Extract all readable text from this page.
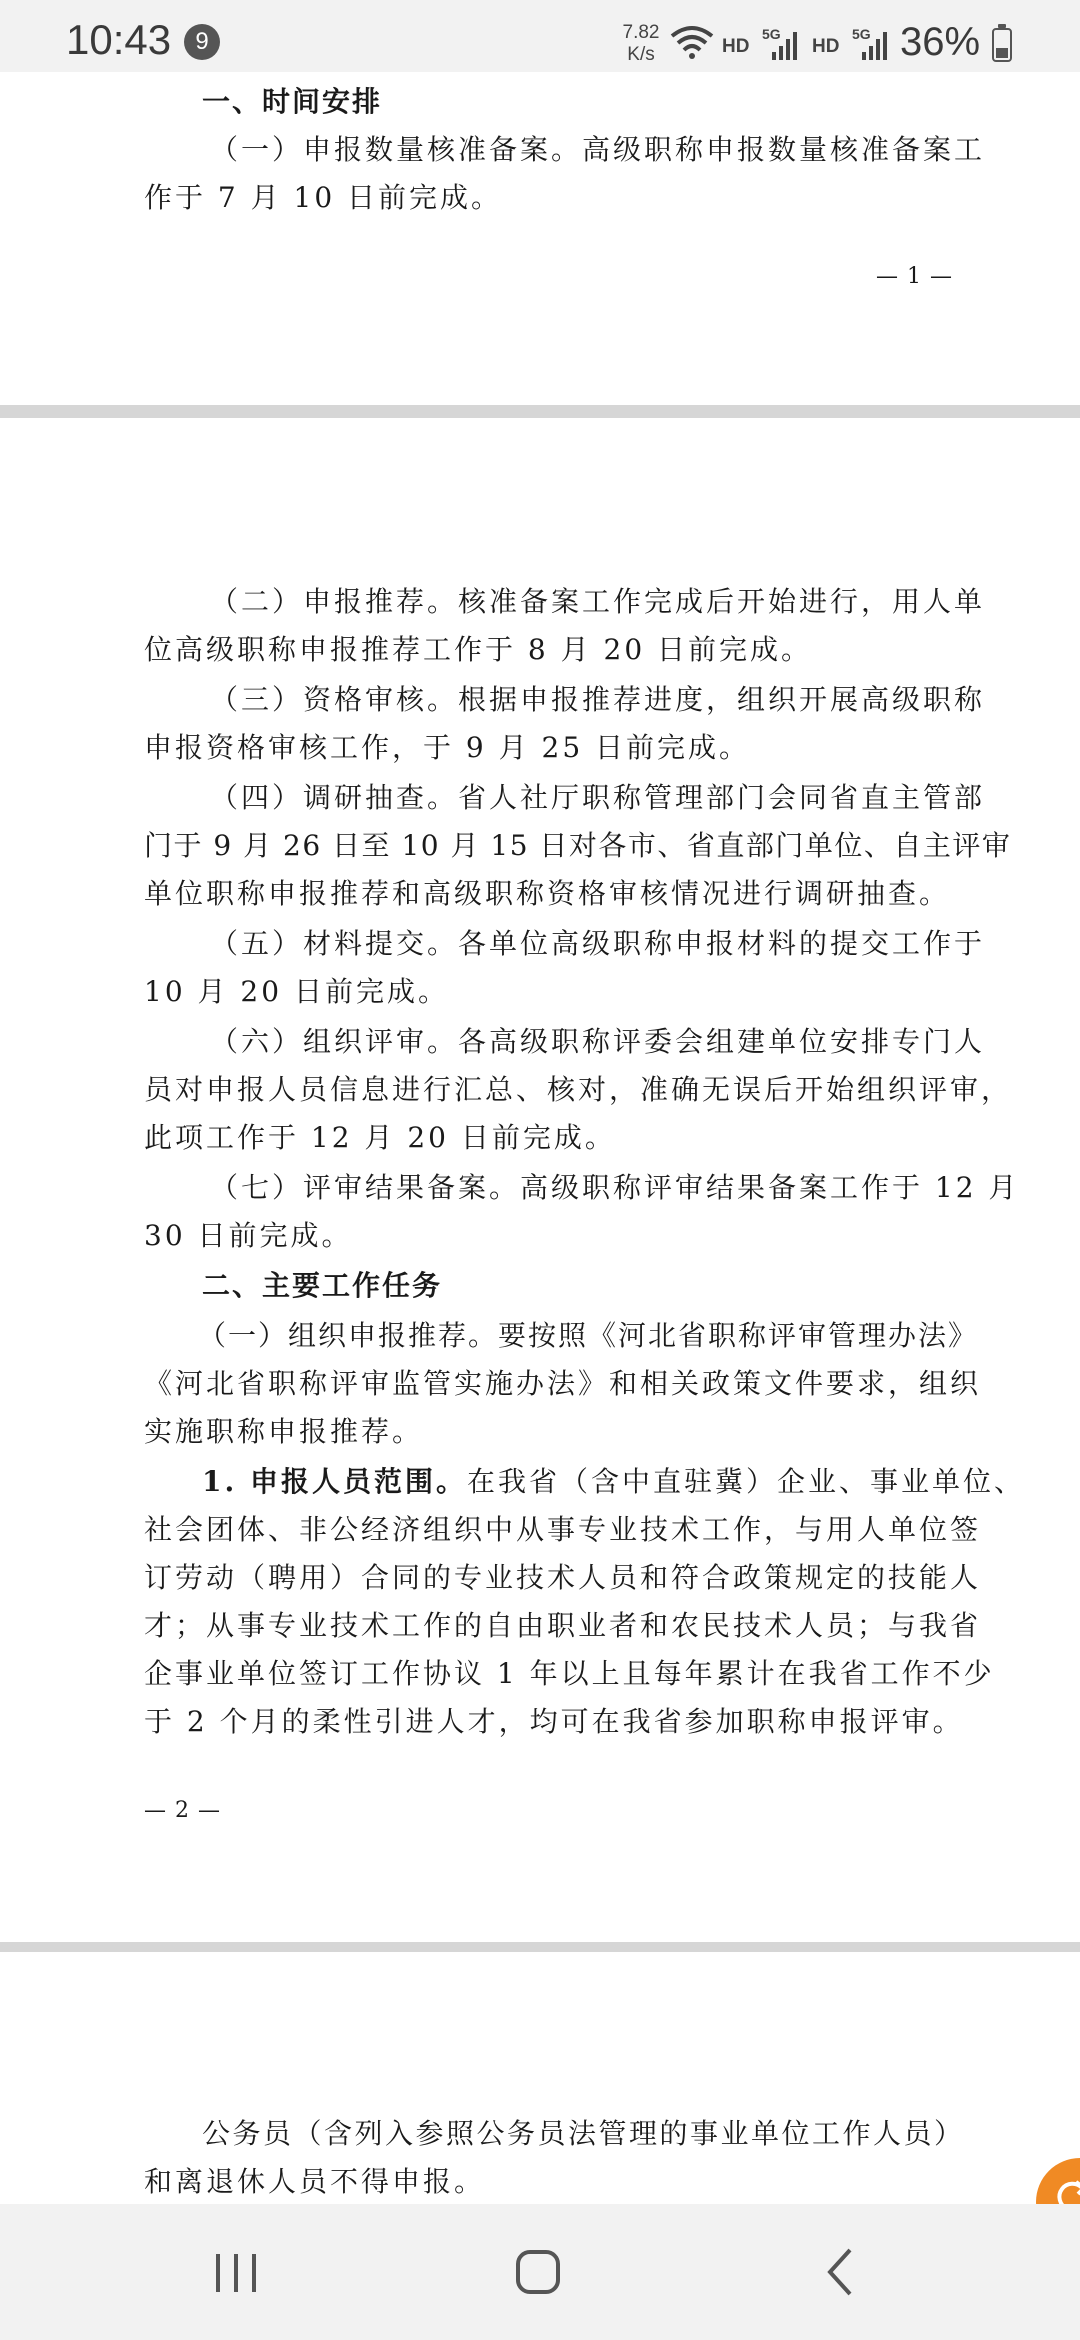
10:43	9	7.82
K/s	HD
5G
HD
5G 36%
一、时间安排
（一）申报数量核准备案。高级职称申报数量核准备案工
作于 7 月 10 日前完成。
— 1 —
（二）申报推荐。核准备案工作完成后开始进行，用人单
位高级职称申报推荐工作于 8 月 20 日前完成。
（三）资格审核。根据申报推荐进度，组织开展高级职称
申报资格审核工作，于 9 月 25 日前完成。
（四）调研抽查。省人社厅职称管理部门会同省直主管部
门于 9 月 26 日至 10 月 15 日对各市、省直部门单位、自主评审
单位职称申报推荐和高级职称资格审核情况进行调研抽查。
（五）材料提交。各单位高级职称申报材料的提交工作于
10 月 20 日前完成。
（六）组织评审。各高级职称评委会组建单位安排专门人
员对申报人员信息进行汇总、核对，准确无误后开始组织评审，
此项工作于 12 月 20 日前完成。
（七）评审结果备案。高级职称评审结果备案工作于 12 月
30 日前完成。
二、主要工作任务
（一）组织申报推荐。要按照《河北省职称评审管理办法》
《河北省职称评审监管实施办法》和相关政策文件要求，组织
实施职称申报推荐。
1. 申报人员范围。在我省（含中直驻冀）企业、事业单位、
社会团体、非公经济组织中从事专业技术工作，与用人单位签
订劳动（聘用）合同的专业技术人员和符合政策规定的技能人
才；从事专业技术工作的自由职业者和农民技术人员；与我省
企事业单位签订工作协议 1 年以上且每年累计在我省工作不少
于 2 个月的柔性引进人才，均可在我省参加职称申报评审。
— 2 —
公务员（含列入参照公务员法管理的事业单位工作人员）
和离退休人员不得申报。
